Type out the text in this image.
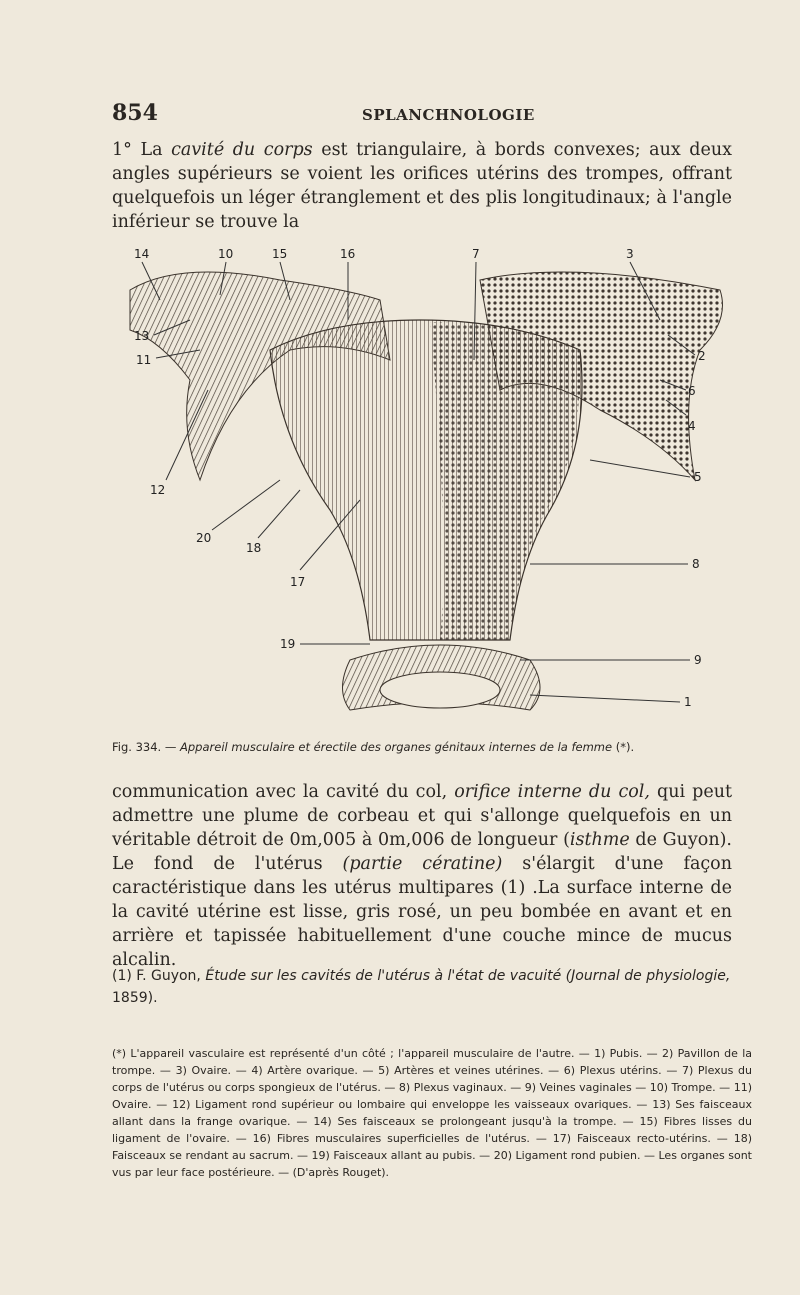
854	SPLANCHNOLOGIE

1° La cavité du corps est triangulaire, à bords convexes; aux deux angles supérieurs se voient les orifices utérins des trompes, offrant quelquefois un léger étranglement et des plis longitudinaux; à l'angle inférieur se trouve la

14	10	15	16	7	3
13
11	2
6
4
12
5
20
18
17
8
19
9
1
Fig. 334. — Appareil musculaire et érectile des organes génitaux internes de la femme (*).

communication avec la cavité du col, orifice interne du col, qui peut admettre une plume de corbeau et qui s'allonge quelquefois en un véritable détroit de 0m,005 à 0m,006 de longueur (isthme de Guyon). Le fond de l'utérus (partie cératine) s'élargit d'une façon caractéristique dans les utérus multipares (1) .La surface interne de la cavité utérine est lisse, gris rosé, un peu bombée en avant et en arrière et tapissée habituellement d'une couche mince de mucus alcalin.

(1) F. Guyon, Étude sur les cavités de l'utérus à l'état de vacuité (Journal de physiologie, 1859).
(*) L'appareil vasculaire est représenté d'un côté ; l'appareil musculaire de l'autre. — 1) Pubis. — 2) Pavillon de la trompe. — 3) Ovaire. — 4) Artère ovarique. — 5) Artères et veines utérines. — 6) Plexus utérins. — 7) Plexus du corps de l'utérus ou corps spongieux de l'utérus. — 8) Plexus vaginaux. — 9) Veines vaginales — 10) Trompe. — 11) Ovaire. — 12) Ligament rond supérieur ou lombaire qui enveloppe les vaisseaux ovariques. — 13) Ses faisceaux allant dans la frange ovarique. — 14) Ses faisceaux se prolongeant jusqu'à la trompe. — 15) Fibres lisses du ligament de l'ovaire. — 16) Fibres musculaires superficielles de l'utérus. — 17) Faisceaux recto-utérins. — 18) Faisceaux se rendant au sacrum. — 19) Faisceaux allant au pubis. — 20) Ligament rond pubien. — Les organes sont vus par leur face postérieure. — (D'après Rouget).
